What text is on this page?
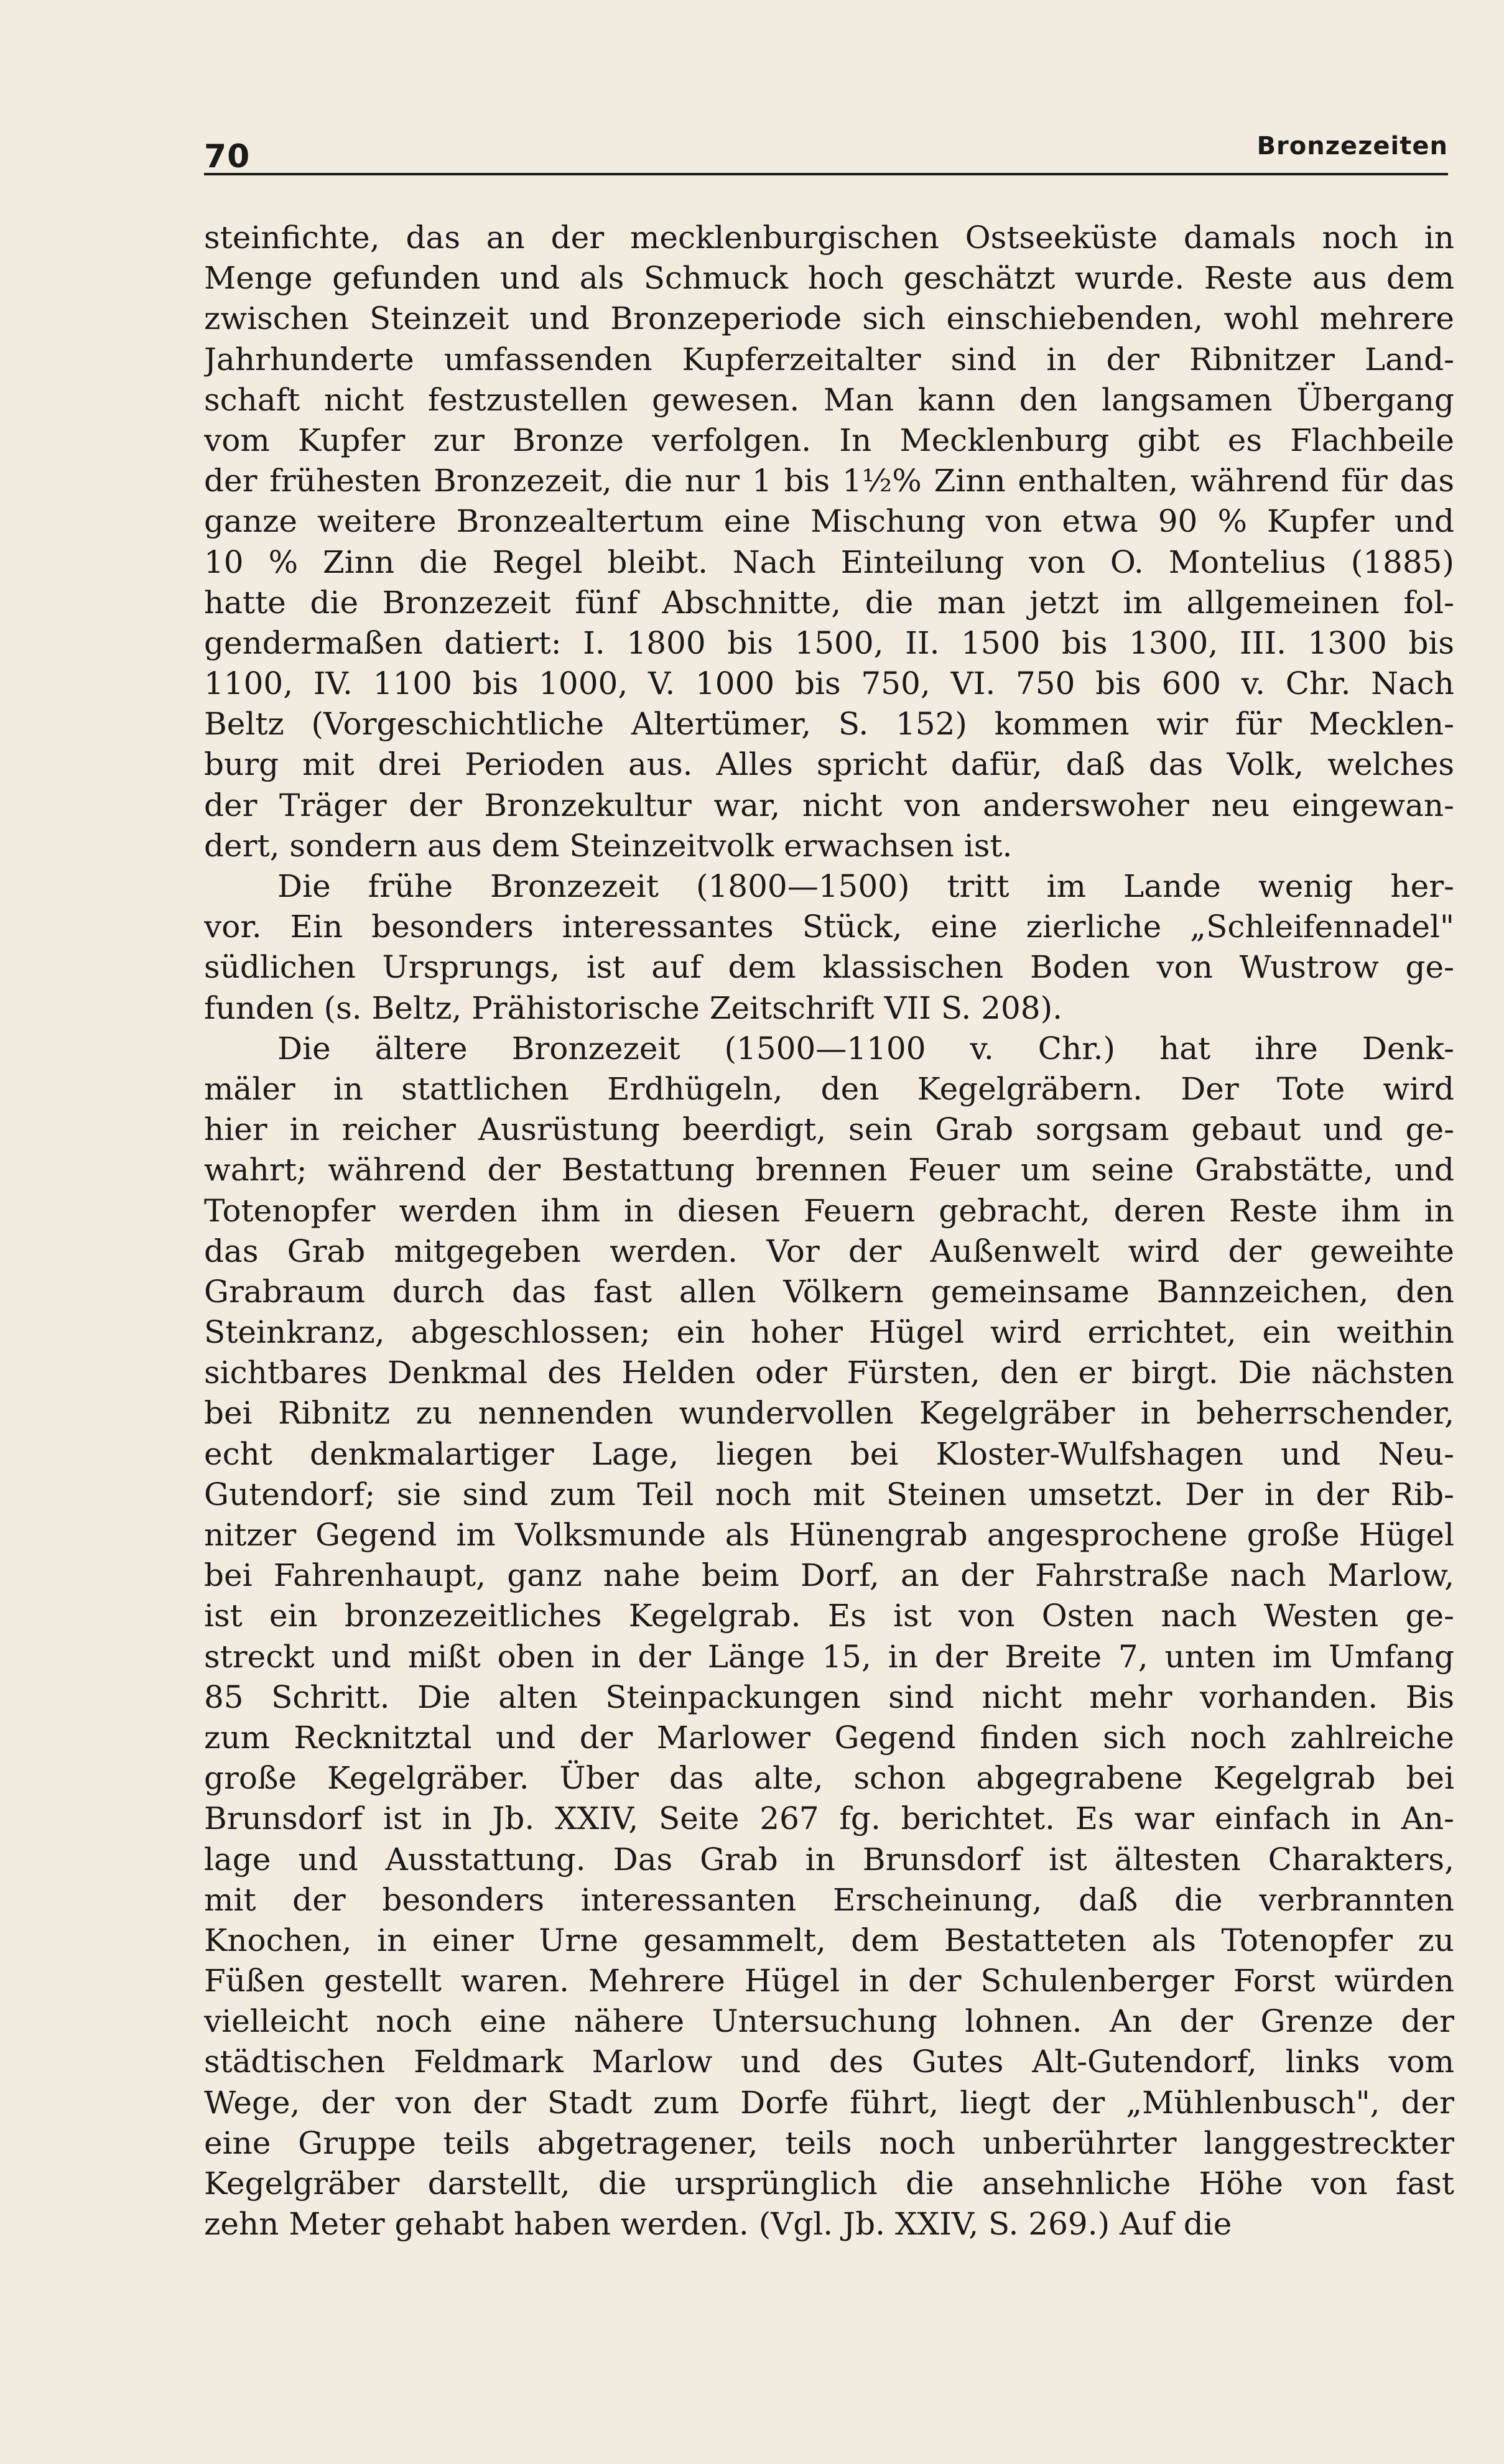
70	Bronzezeiten

steinfichte, das an der mecklenburgischen Ostseeküste damals noch in
Menge gefunden und als Schmuck hoch geschätzt wurde. Reste aus dem
zwischen Steinzeit und Bronzeperiode sich einschiebenden, wohl mehrere
Jahrhunderte umfassenden Kupferzeitalter sind in der Ribnitzer Land-
schaft nicht festzustellen gewesen. Man kann den langsamen Übergang
vom Kupfer zur Bronze verfolgen. In Mecklenburg gibt es Flachbeile
der frühesten Bronzezeit, die nur 1 bis 1½% Zinn enthalten, während für das
ganze weitere Bronzealtertum eine Mischung von etwa 90 % Kupfer und
10 % Zinn die Regel bleibt. Nach Einteilung von O. Montelius (1885)
hatte die Bronzezeit fünf Abschnitte, die man jetzt im allgemeinen fol-
gendermaßen datiert: I. 1800 bis 1500, II. 1500 bis 1300, III. 1300 bis
1100, IV. 1100 bis 1000, V. 1000 bis 750, VI. 750 bis 600 v. Chr. Nach
Beltz (Vorgeschichtliche Altertümer, S. 152) kommen wir für Mecklen-
burg mit drei Perioden aus. Alles spricht dafür, daß das Volk, welches
der Träger der Bronzekultur war, nicht von anderswoher neu eingewan-
dert, sondern aus dem Steinzeitvolk erwachsen ist.

Die frühe Bronzezeit (1800—1500) tritt im Lande wenig her-
vor. Ein besonders interessantes Stück, eine zierliche „Schleifennadel"
südlichen Ursprungs, ist auf dem klassischen Boden von Wustrow ge-
funden (s. Beltz, Prähistorische Zeitschrift VII S. 208).

Die ältere Bronzezeit (1500—1100 v. Chr.) hat ihre Denk-
mäler in stattlichen Erdhügeln, den Kegelgräbern. Der Tote wird
hier in reicher Ausrüstung beerdigt, sein Grab sorgsam gebaut und ge-
wahrt; während der Bestattung brennen Feuer um seine Grabstätte, und
Totenopfer werden ihm in diesen Feuern gebracht, deren Reste ihm in
das Grab mitgegeben werden. Vor der Außenwelt wird der geweihte
Grabraum durch das fast allen Völkern gemeinsame Bannzeichen, den
Steinkranz, abgeschlossen; ein hoher Hügel wird errichtet, ein weithin
sichtbares Denkmal des Helden oder Fürsten, den er birgt. Die nächsten
bei Ribnitz zu nennenden wundervollen Kegelgräber in beherrschender,
echt denkmalartiger Lage, liegen bei Kloster-Wulfshagen und Neu-
Gutendorf; sie sind zum Teil noch mit Steinen umsetzt. Der in der Rib-
nitzer Gegend im Volksmunde als Hünengrab angesprochene große Hügel
bei Fahrenhaupt, ganz nahe beim Dorf, an der Fahrstraße nach Marlow,
ist ein bronzezeitliches Kegelgrab. Es ist von Osten nach Westen ge-
streckt und mißt oben in der Länge 15, in der Breite 7, unten im Umfang
85 Schritt. Die alten Steinpackungen sind nicht mehr vorhanden. Bis
zum Recknitztal und der Marlower Gegend finden sich noch zahlreiche
große Kegelgräber. Über das alte, schon abgegrabene Kegelgrab bei
Brunsdorf ist in Jb. XXIV, Seite 267 fg. berichtet. Es war einfach in An-
lage und Ausstattung. Das Grab in Brunsdorf ist ältesten Charakters,
mit der besonders interessanten Erscheinung, daß die verbrannten
Knochen, in einer Urne gesammelt, dem Bestatteten als Totenopfer zu
Füßen gestellt waren. Mehrere Hügel in der Schulenberger Forst würden
vielleicht noch eine nähere Untersuchung lohnen. An der Grenze der
städtischen Feldmark Marlow und des Gutes Alt-Gutendorf, links vom
Wege, der von der Stadt zum Dorfe führt, liegt der „Mühlenbusch", der
eine Gruppe teils abgetragener, teils noch unberührter langgestreckter
Kegelgräber darstellt, die ursprünglich die ansehnliche Höhe von fast
zehn Meter gehabt haben werden. (Vgl. Jb. XXIV, S. 269.) Auf die
